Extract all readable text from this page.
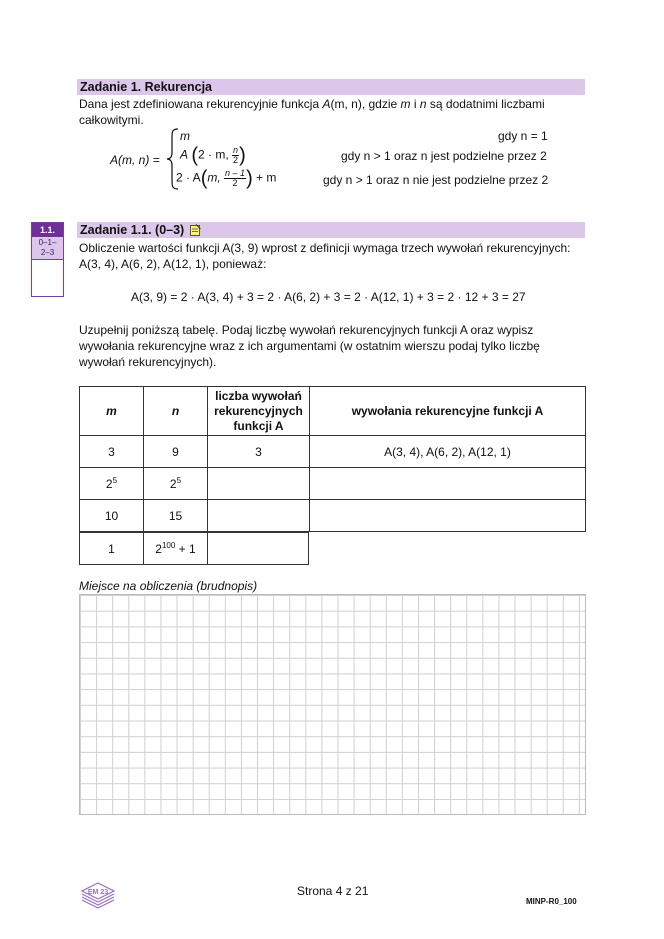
Zadanie 1. Rekurencja
Dana jest zdefiniowana rekurencyjnie funkcja A(m, n), gdzie m i n są dodatnimi liczbami
całkowitymi.
A(m, n) =
m	gdy n = 1
A (2 · m, $\frac{n}{2}$ )	gdy n > 1 oraz n jest podzielne przez 2
2 · A(m, $\frac{n - 1}{2}$ ) + m	gdy n > 1 oraz n nie jest podzielne przez 2
1.1.
0–1–
2–3
Zadanie 1.1. (0–3)
Obliczenie wartości funkcji A(3, 9) wprost z definicji wymaga trzech wywołań rekurencyjnych:
A(3, 4), A(6, 2), A(12, 1), ponieważ:
A(3, 9) = 2 · A(3, 4) + 3 = 2 · A(6, 2) + 3 = 2 · A(12, 1) + 3 = 2 · 12 + 3 = 27
Uzupełnij poniższą tabelę. Podaj liczbę wywołań rekurencyjnych funkcji A oraz wypisz
wywołania rekurencyjne wraz z ich argumentami (w ostatnim wierszu podaj tylko liczbę
wywołań rekurencyjnych).
m	n	liczba wywołań
rekurencyjnych
funkcji A	wywołania rekurencyjne funkcji A
3	9	3	A(3, 4), A(6, 2), A(12, 1)
$2^5$	$2^5$		
10	15		
1	$2^{100} + 1$	
Miejsce na obliczenia (brudnopis)
EM 23	Strona 4 z 21
MINP-R0_100
